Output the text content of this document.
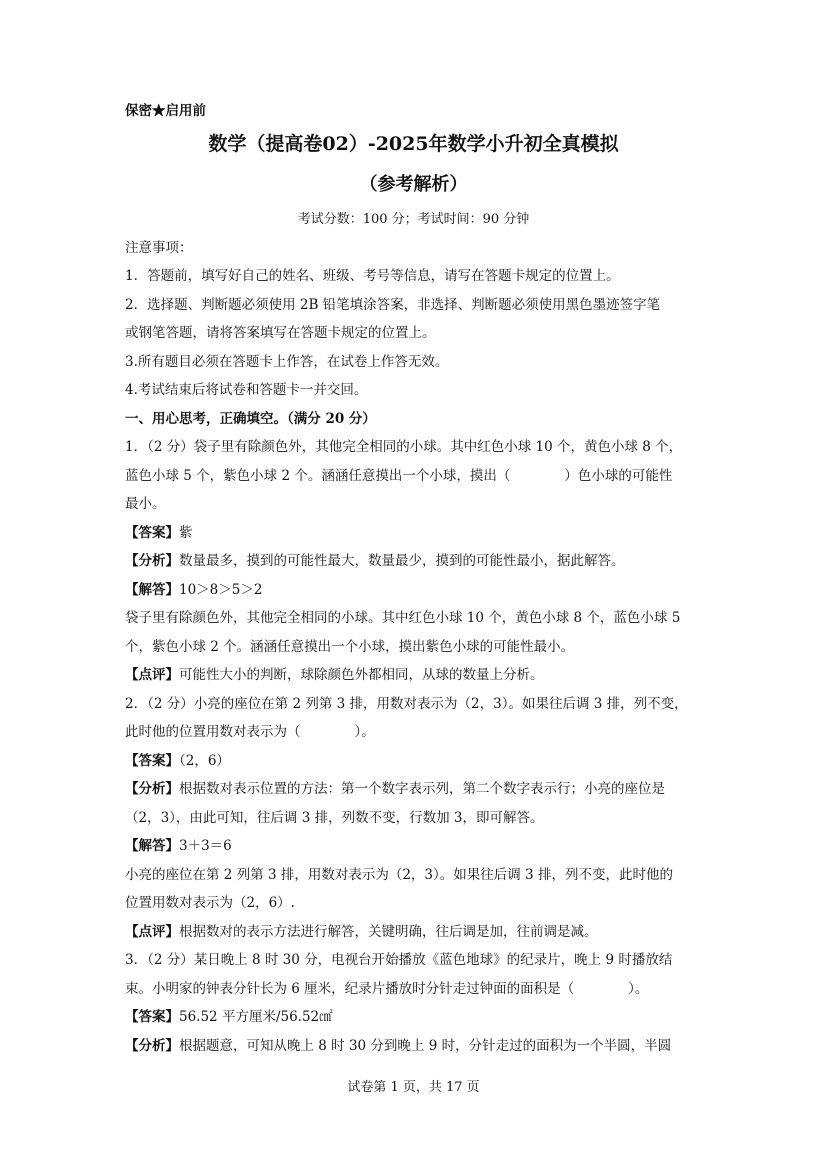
保密★启用前
数学（提高卷02）-2025年数学小升初全真模拟
（参考解析）
考试分数：100 分；考试时间：90 分钟
注意事项：
1．答题前，填写好自己的姓名、班级、考号等信息，请写在答题卡规定的位置上。
2．选择题、判断题必须使用 2B 铅笔填涂答案，非选择、判断题必须使用黑色墨迹签字笔
或钢笔答题，请将答案填写在答题卡规定的位置上。
3.所有题目必须在答题卡上作答，在试卷上作答无效。
4.考试结束后将试卷和答题卡一并交回。
一、用心思考，正确填空。（满分 20 分）
1．（2 分）袋子里有除颜色外，其他完全相同的小球。其中红色小球 10 个，黄色小球 8 个，
蓝色小球 5 个，紫色小球 2 个。涵涵任意摸出一个小球，摸出（　　　　）色小球的可能性
最小。
【答案】紫
【分析】数量最多，摸到的可能性最大，数量最少，摸到的可能性最小，据此解答。
【解答】10＞8＞5＞2
袋子里有除颜色外，其他完全相同的小球。其中红色小球 10 个，黄色小球 8 个，蓝色小球 5
个，紫色小球 2 个。涵涵任意摸出一个小球，摸出紫色小球的可能性最小。
【点评】可能性大小的判断，球除颜色外都相同，从球的数量上分析。
2．（2 分）小亮的座位在第 2 列第 3 排，用数对表示为（2，3）。如果往后调 3 排，列不变，
此时他的位置用数对表示为（　　　　）。
【答案】（2，6）
【分析】根据数对表示位置的方法：第一个数字表示列，第二个数字表示行；小亮的座位是
（2，3），由此可知，往后调 3 排，列数不变，行数加 3，即可解答。
【解答】3＋3＝6
小亮的座位在第 2 列第 3 排，用数对表示为（2，3）。如果往后调 3 排，列不变，此时他的
位置用数对表示为（2，6）.
【点评】根据数对的表示方法进行解答，关键明确，往后调是加，往前调是减。
3．（2 分）某日晚上 8 时 30 分，电视台开始播放《蓝色地球》的纪录片，晚上 9 时播放结
束。小明家的钟表分针长为 6 厘米，纪录片播放时分针走过钟面的面积是（　　　　）。
【答案】56.52 平方厘米/56.52㎠
【分析】根据题意，可知从晚上 8 时 30 分到晚上 9 时，分针走过的面积为一个半圆，半圆
试卷第 1 页，共 17 页
